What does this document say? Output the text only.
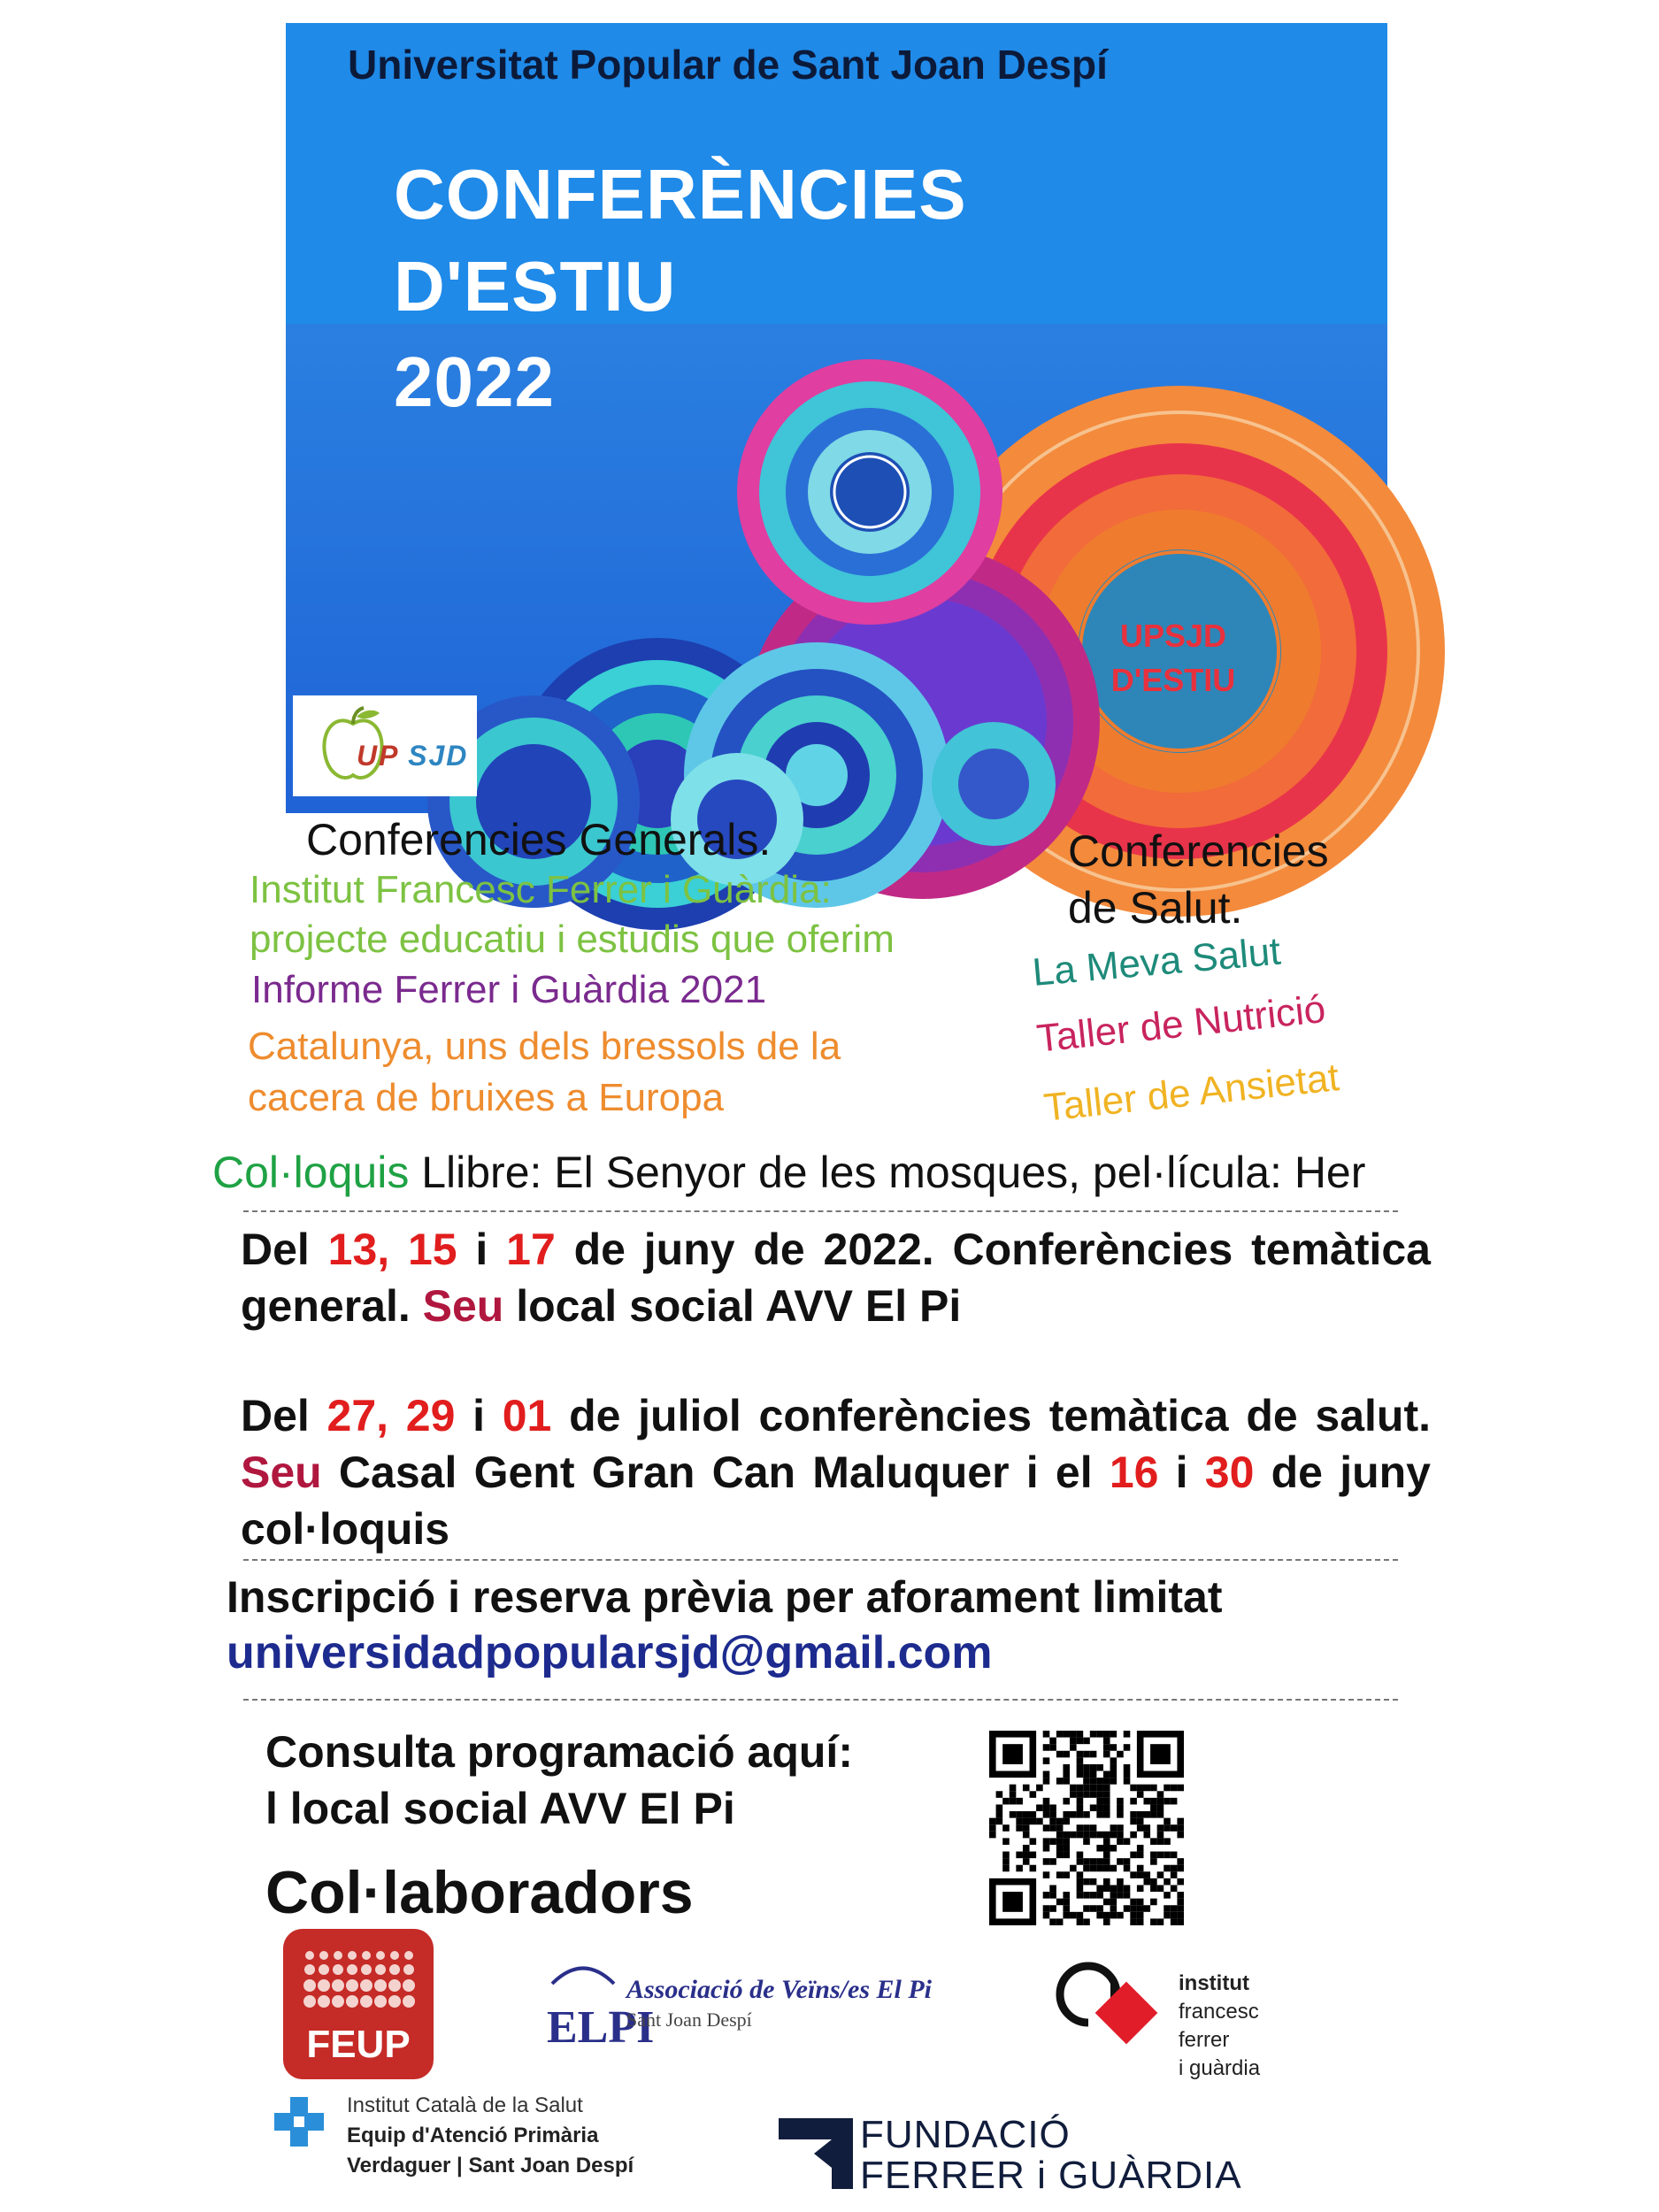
Universitat Popular de Sant Joan Despí
CONFERÈNCIES
D'ESTIU
2022
UPSJD
D'ESTIU
UP SJD
Conferencies Generals.
Institut Francesc Ferrer i Guàrdia:
projecte educatiu i estudis que oferim
Informe Ferrer i Guàrdia 2021
Catalunya, uns dels bressols de la
cacera de bruixes a Europa
Conferencies
de Salut.
La Meva Salut
Taller de Nutrició
Taller de Ansietat
Col·loquis Llibre: El Senyor de les mosques, pel·lícula: Her
Del 13, 15 i 17 de juny de 2022. Conferències temàtica general. Seu local social AVV El Pi
Del 27, 29 i 01 de juliol conferències temàtica de salut. Seu Casal Gent Gran Can Maluquer i el 16 i 30 de juny col·loquis
Inscripció i reserva prèvia per aforament limitat
universidadpopularsjd@gmail.com
Consulta programació aquí:
l local social AVV El Pi
Col·laboradors
FEUP	ELPI
Associació de Veïns/es El Pi
Sant Joan Despí
institut
francesc
ferrer
i guàrdia
Institut Català de la Salut
Equip d'Atenció Primària
Verdaguer | Sant Joan Despí
FUNDACIÓ
FERRER i GUÀRDIA
